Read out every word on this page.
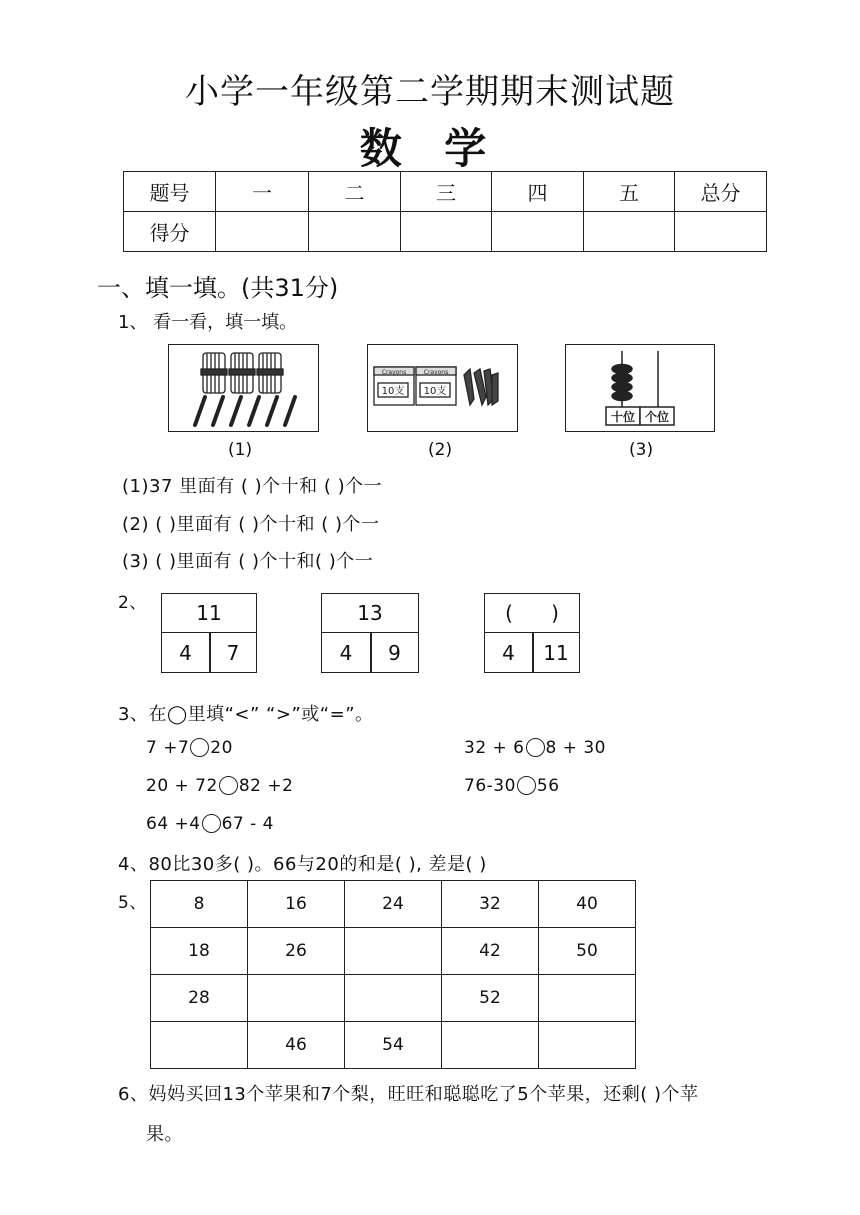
小学一年级第二学期期末测试题
数 学
题号	一	二	三	四	五	总分
得分						
一、填一填。(共31分)
1、 看一看，填一填。
(1)
Crayons
10支
Crayons
10支
(2)
十位 个位
(3)
(1)37 里面有 ( )个十和 ( )个一
(2) ( )里面有 ( )个十和 ( )个一
(3) ( )里面有 ( )个十和( )个一
2、	11
4	7
13
4	9
(      )
4	11
3、在◯里填“<” “>”或“=”。
7 +7 20	32 + 6 8 + 30
20 + 72 82 +2	76-30 56
64 +4 67 - 4
4、80比30多( )。66与20的和是( ), 差是( )
5、	8	16	24	32	40
18	26		42	50
28			52	
	46	54		
6、妈妈买回13个苹果和7个梨，旺旺和聪聪吃了5个苹果，还剩( )个苹
果。
